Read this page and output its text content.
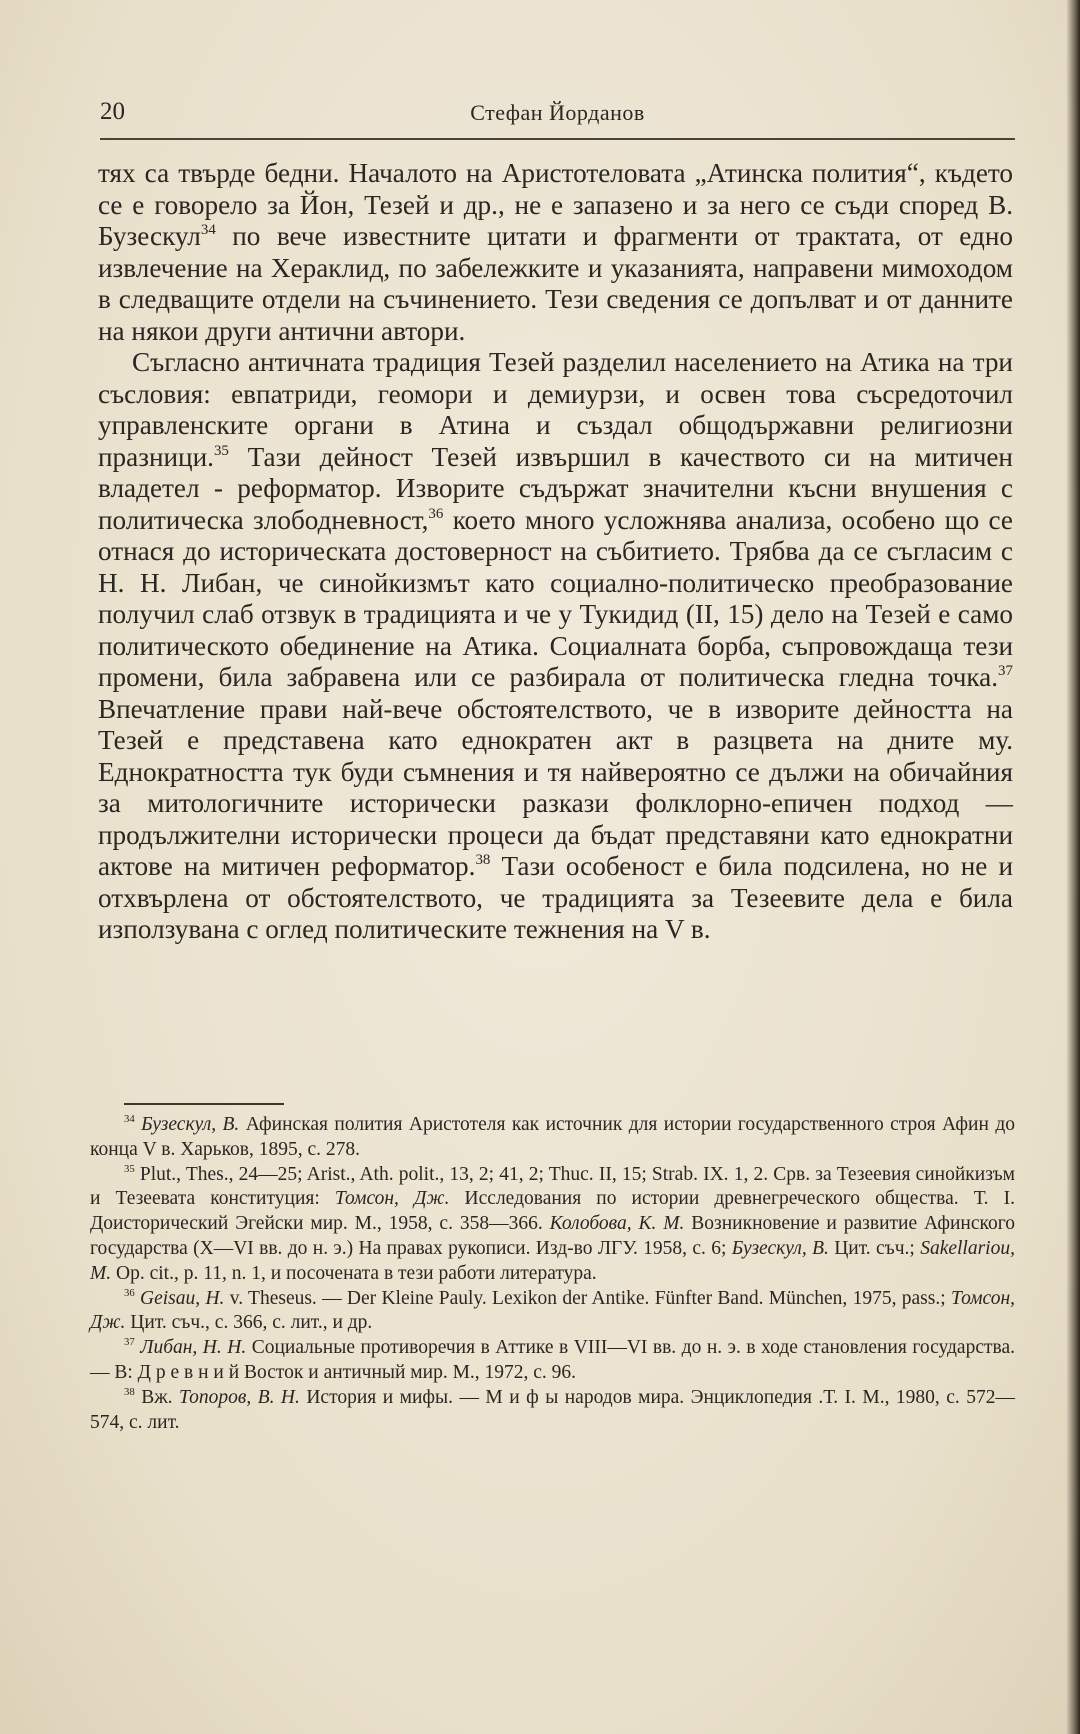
20	Стефан Йорданов

тях са твърде бедни. Началото на Аристотеловата „Атинска полития“, където се е говорело за Йон, Тезей и др., не е запазено и за него се съди според В. Бузескул$^{34}$ по вече известните цитати и фрагменти от трактата, от едно извлечение на Хераклид, по забележките и указанията, направени мимоходом в следващите отдели на съчинението. Тези сведения се допълват и от данните на някои други антични автори.

Съгласно античната традиция Тезей разделил населението на Атика на три съсловия: евпатриди, геомори и демиурзи, и освен това съсредоточил управленските органи в Атина и създал общодържавни религиозни празници.$^{35}$ Тази дейност Тезей извършил в качеството си на митичен владетел - реформатор. Изворите съдържат значителни късни внушения с политическа злободневност,$^{36}$ което много усложнява анализа, особено що се отнася до историческата достоверност на събитието. Трябва да се съгласим с Н. Н. Либан, че синойкизмът като социално-политическо преобразование получил слаб отзвук в традицията и че у Тукидид (II, 15) дело на Тезей е само политическото обединение на Атика. Социалната борба, съпровождаща тези промени, била забравена или се разбирала от политическа гледна точка.$^{37}$ Впечатление прави най-вече обстоятелството, че в изворите дейността на Тезей е представена като еднократен акт в разцвета на дните му. Еднократността тук буди съмнения и тя найвероятно се дължи на обичайния за митологичните исторически разкази фолклорно-епичен подход — продължителни исторически процеси да бъдат представяни като еднократни актове на митичен реформатор.$^{38}$ Тази особеност е била подсилена, но не и отхвърлена от обстоятелството, че традицията за Тезеевите дела е била използувана с оглед политическите тежнения на V в.

$^{34}$ Бузескул, В. Афинская полития Аристотеля как источник для истории государственного строя Афин до конца V в. Харьков, 1895, с. 278.

$^{35}$ Plut., Thes., 24—25; Arist., Ath. polit., 13, 2; 41, 2; Thuc. II, 15; Strab. IX. 1, 2. Срв. за Тезеевия синойкизъм и Тезеевата конституция: Томсон, Дж. Исследования по истории древнегреческого общества. Т. I. Доисторический Эгейски мир. М., 1958, с. 358—366. Колобова, К. М. Возникновение и развитие Афинского государства (X—VI вв. до н. э.) На правах рукописи. Изд-во ЛГУ. 1958, с. 6; Бузескул, В. Цит. съч.; Sakellariou, M. Op. cit., p. 11, n. 1, и посочената в тези работи литература.

$^{36}$ Geisau, H. v. Theseus. — Der Kleine Pauly. Lexikon der Antike. Fünfter Band. München, 1975, pass.; Томсон, Дж. Цит. съч., с. 366, с. лит., и др.

$^{37}$ Либан, Н. Н. Социальные противоречия в Аттике в VIII—VI вв. до н. э. в ходе становления государства. — В: Д р е в н и й Восток и античный мир. М., 1972, с. 96.

$^{38}$ Вж. Топоров, В. Н. История и мифы. — М и ф ы народов мира. Энциклопедия .Т. I. М., 1980, с. 572—574, с. лит.
